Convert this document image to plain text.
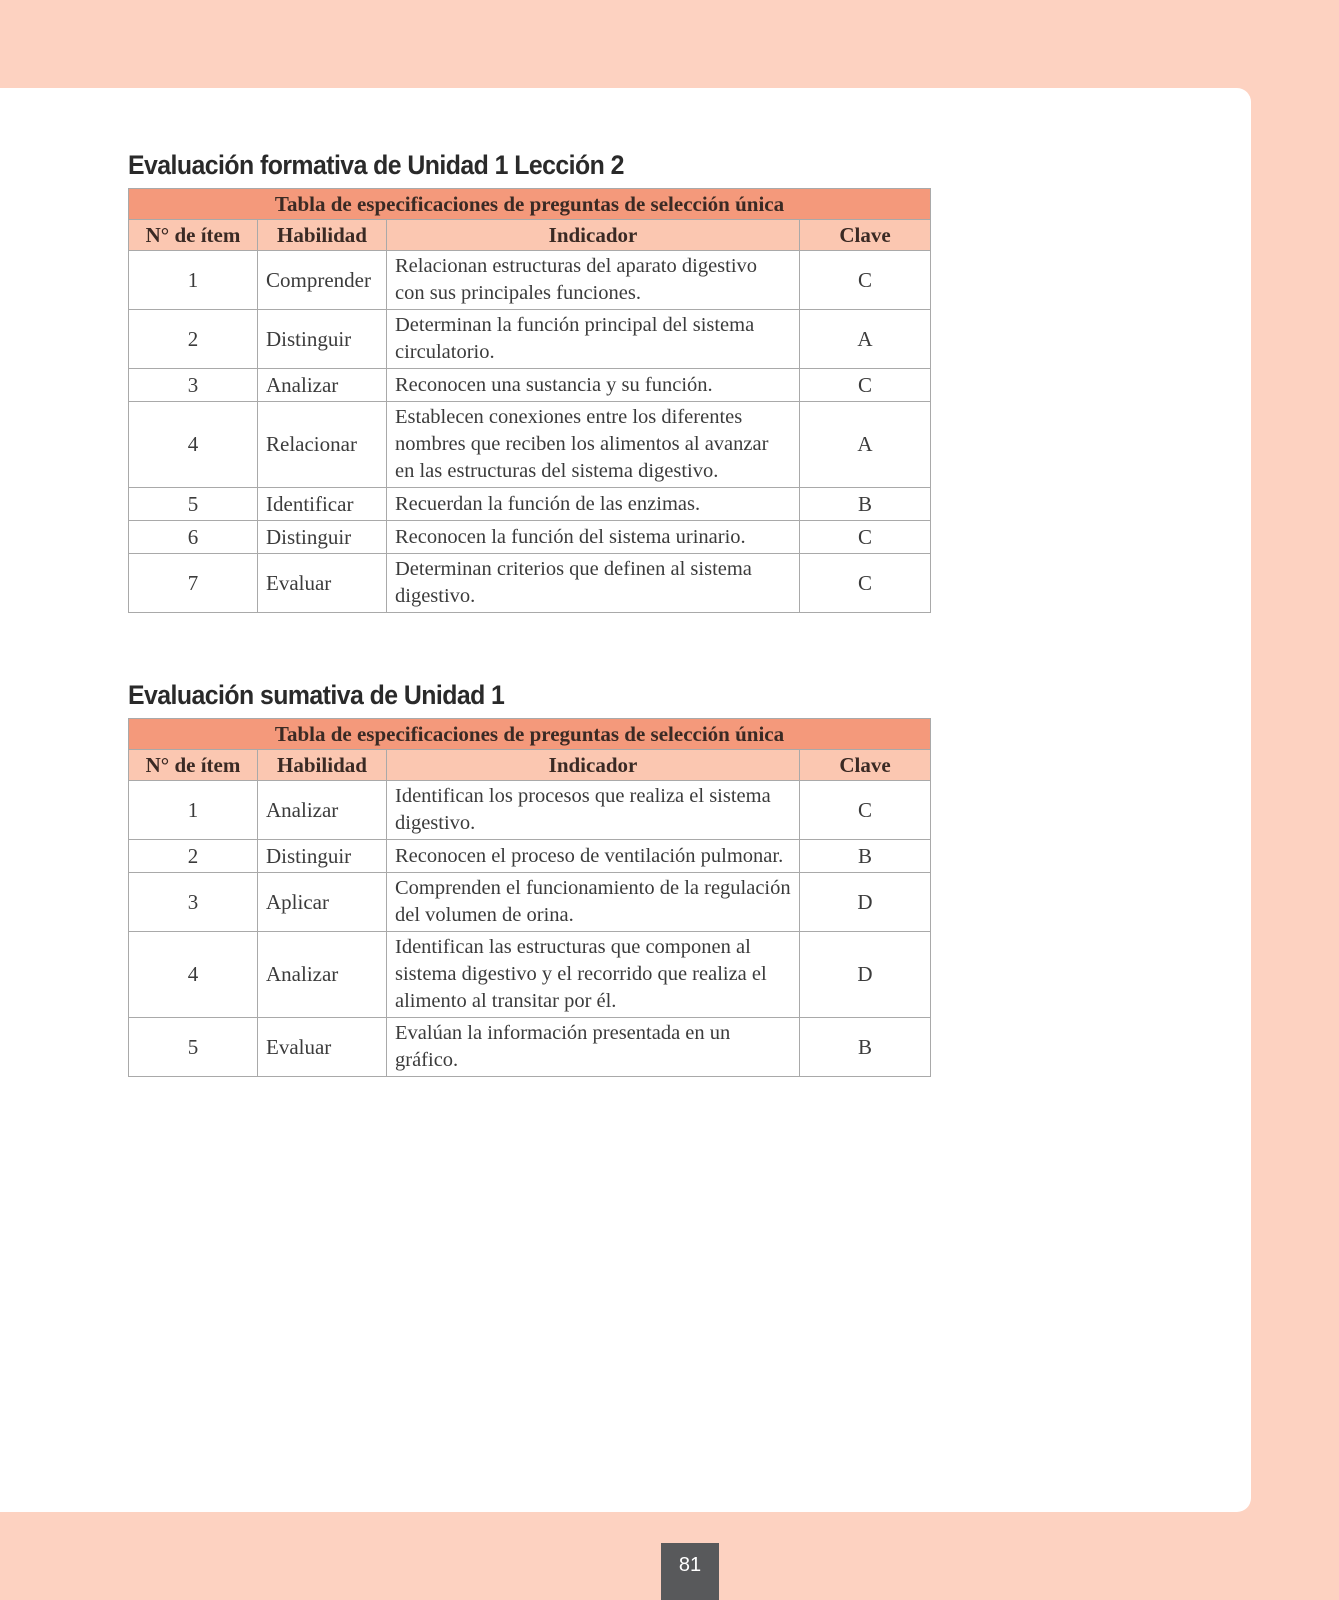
Evaluación formativa de Unidad 1 Lección 2
Tabla de especificaciones de preguntas de selección única			
N° de ítem	Habilidad	Indicador	Clave
1	Comprender	Relacionan estructuras del aparato digestivo con sus principales funciones.	C
2	Distinguir	Determinan la función principal del sistema circulatorio.	A
3	Analizar	Reconocen una sustancia y su función.	C
4	Relacionar	Establecen conexiones entre los diferentes nombres que reciben los alimentos al avanzar en las estructuras del sistema digestivo.	A
5	Identificar	Recuerdan la función de las enzimas.	B
6	Distinguir	Reconocen la función del sistema urinario.	C
7	Evaluar	Determinan criterios que definen al sistema digestivo.	C
Evaluación sumativa de Unidad 1
Tabla de especificaciones de preguntas de selección única			
N° de ítem	Habilidad	Indicador	Clave
1	Analizar	Identifican los procesos que realiza el sistema digestivo.	C
2	Distinguir	Reconocen el proceso de ventilación pulmonar.	B
3	Aplicar	Comprenden el funcionamiento de la regulación del volumen de orina.	D
4	Analizar	Identifican las estructuras que componen al sistema digestivo y el recorrido que realiza el alimento al transitar por él.	D
5	Evaluar	Evalúan la información presentada en un gráfico.	B
81
